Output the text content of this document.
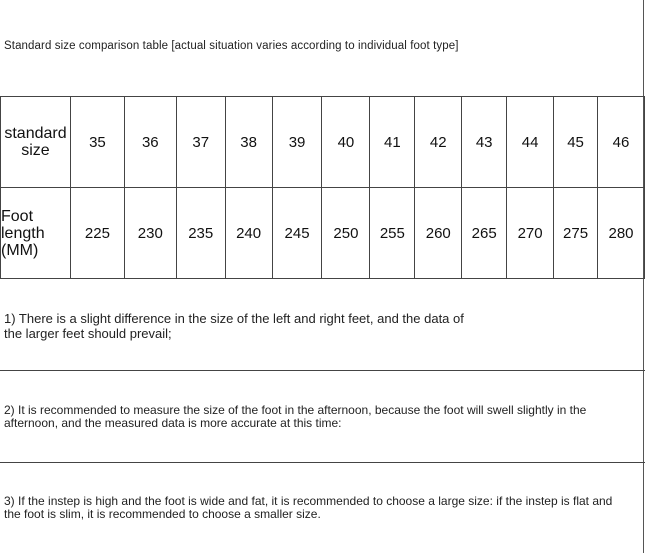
Standard size comparison table [actual situation varies according to individual foot type]
standard size	35	36	37	38	39	40	41	42	43	44	45	46
Foot length (MM)	225	230	235	240	245	250	255	260	265	270	275	280
1) There is a slight difference in the size of the left and right feet, and the data of the larger feet should prevail;
2) It is recommended to measure the size of the foot in the afternoon, because the foot will swell slightly in the afternoon, and the measured data is more accurate at this time:
3) If the instep is high and the foot is wide and fat, it is recommended to choose a large size: if the instep is flat and the foot is slim, it is recommended to choose a smaller size.
